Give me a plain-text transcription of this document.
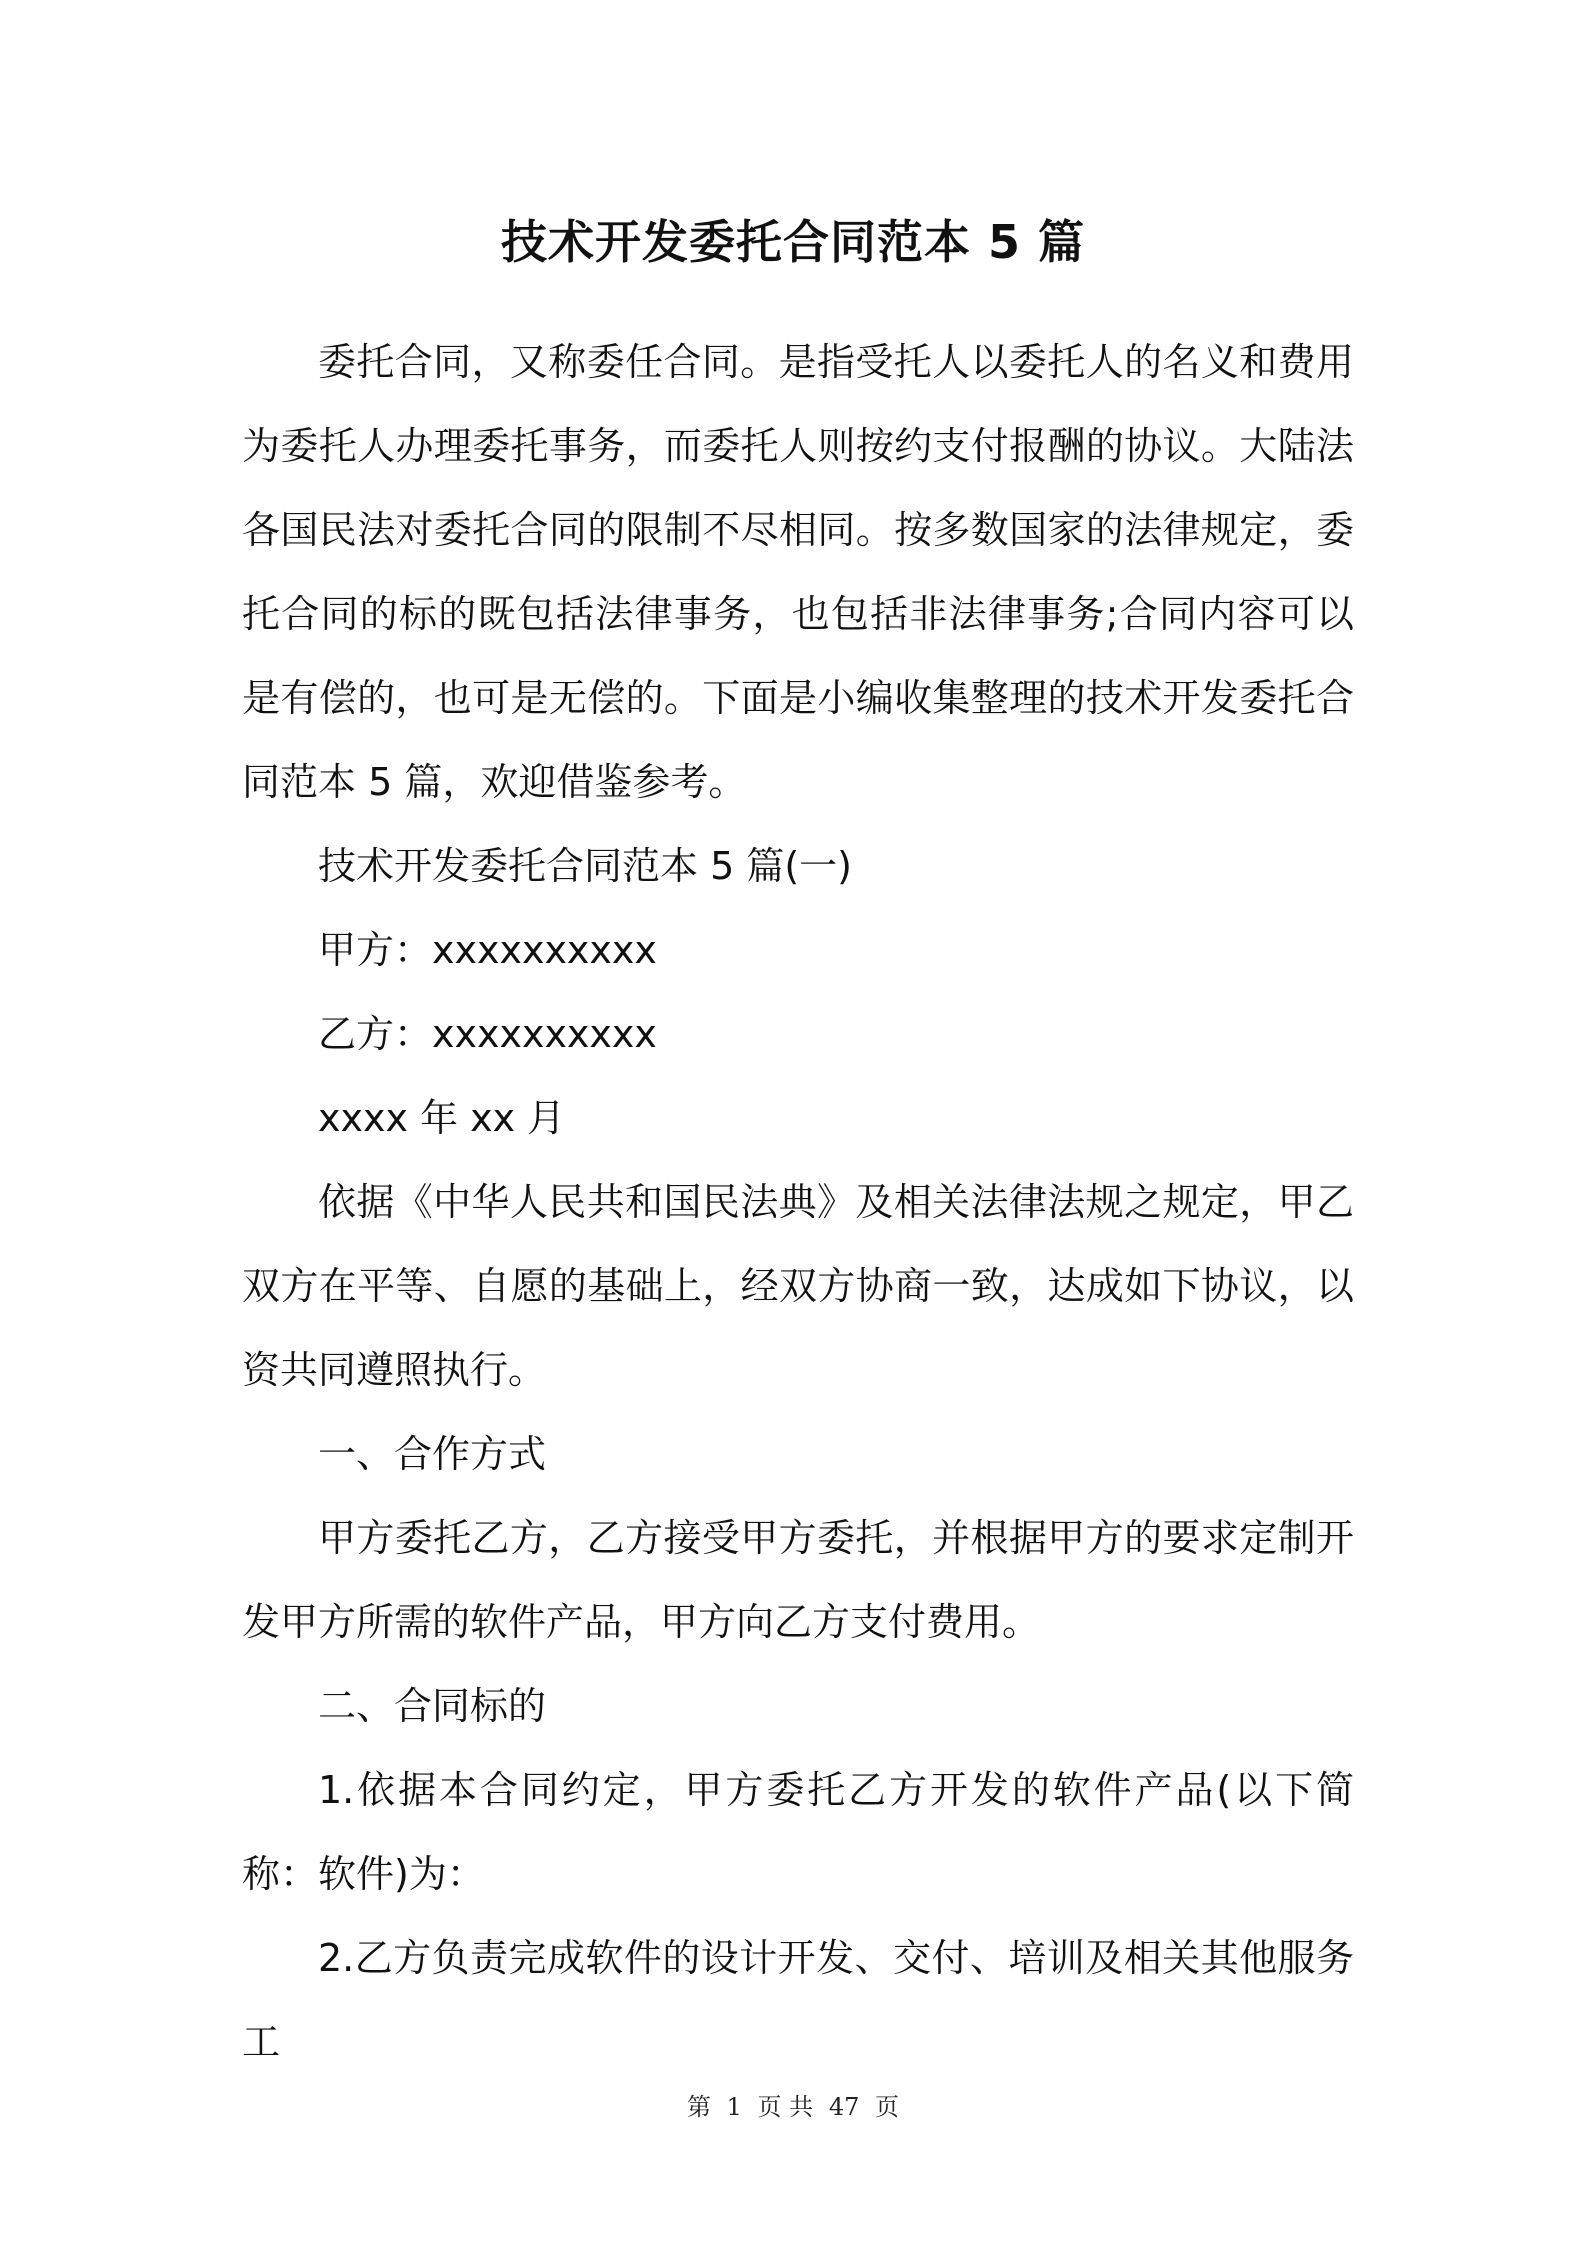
技术开发委托合同范本 5 篇

委托合同，又称委任合同。是指受托人以委托人的名义和费用为委托人办理委托事务，而委托人则按约支付报酬的协议。大陆法各国民法对委托合同的限制不尽相同。按多数国家的法律规定，委托合同的标的既包括法律事务，也包括非法律事务;合同内容可以是有偿的，也可是无偿的。下面是小编收集整理的技术开发委托合同范本 5 篇，欢迎借鉴参考。

技术开发委托合同范本 5 篇(一)

甲方：xxxxxxxxxx

乙方：xxxxxxxxxx

xxxx 年 xx 月

依据《中华人民共和国民法典》及相关法律法规之规定，甲乙双方在平等、自愿的基础上，经双方协商一致，达成如下协议，以资共同遵照执行。

一、合作方式

甲方委托乙方，乙方接受甲方委托，并根据甲方的要求定制开发甲方所需的软件产品，甲方向乙方支付费用。

二、合同标的

1.依据本合同约定，甲方委托乙方开发的软件产品(以下简称：软件)为：

2.乙方负责完成软件的设计开发、交付、培训及相关其他服务工

第 1 页 共 47 页
